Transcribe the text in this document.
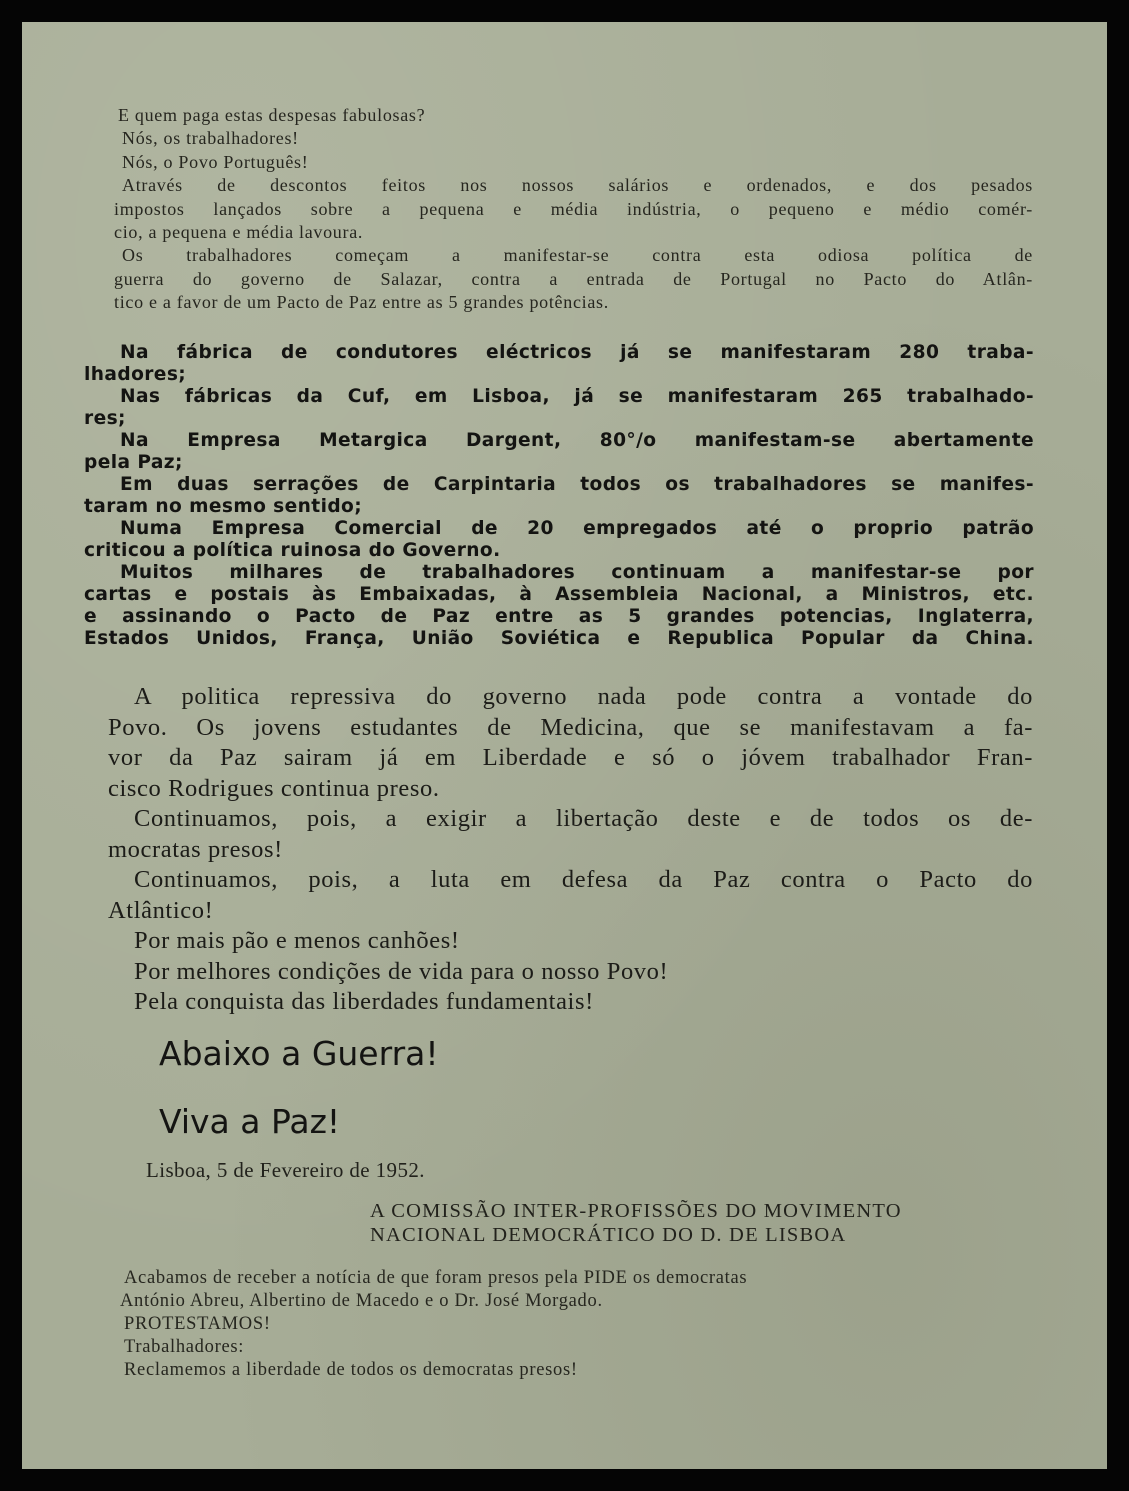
E quem paga estas despesas fabulosas?
Nós, os trabalhadores!
Nós, o Povo Português!
Através de descontos feitos nos nossos salários e ordenados, e dos pesados
impostos lançados sobre a pequena e média indústria, o pequeno e médio comér-
cio, a pequena e média lavoura.
Os trabalhadores começam a manifestar-se contra esta odiosa política de
guerra do governo de Salazar, contra a entrada de Portugal no Pacto do Atlân-
tico e a favor de um Pacto de Paz entre as 5 grandes potências.
Na fábrica de condutores eléctricos já se manifestaram 280 traba-
lhadores;
Nas fábricas da Cuf, em Lisboa, já se manifestaram 265 trabalhado-
res;
Na Empresa Metargica Dargent, 80°/o manifestam-se abertamente
pela Paz;
Em duas serrações de Carpintaria todos os trabalhadores se manifes-
taram no mesmo sentido;
Numa Empresa Comercial de 20 empregados até o proprio patrão
criticou a política ruinosa do Governo.
Muitos milhares de trabalhadores continuam a manifestar-se por
cartas e postais às Embaixadas, à Assembleia Nacional, a Ministros, etc.
e assinando o Pacto de Paz entre as 5 grandes potencias, Inglaterra,
Estados Unidos, França, União Soviética e Republica Popular da China.
A politica repressiva do governo nada pode contra a vontade do
Povo. Os jovens estudantes de Medicina, que se manifestavam a fa-
vor da Paz sairam já em Liberdade e só o jóvem trabalhador Fran-
cisco Rodrigues continua preso.
Continuamos, pois, a exigir a libertação deste e de todos os de-
mocratas presos!
Continuamos, pois, a luta em defesa da Paz contra o Pacto do
Atlântico!
Por mais pão e menos canhões!
Por melhores condições de vida para o nosso Povo!
Pela conquista das liberdades fundamentais!
Abaixo a Guerra!
Viva a Paz!
Lisboa, 5 de Fevereiro de 1952.
A COMISSÃO INTER-PROFISSÕES DO MOVIMENTO
NACIONAL DEMOCRÁTICO DO D. DE LISBOA
Acabamos de receber a notícia de que foram presos pela PIDE os democratas
António Abreu, Albertino de Macedo e o Dr. José Morgado.
PROTESTAMOS!
Trabalhadores:
Reclamemos a liberdade de todos os democratas presos!
